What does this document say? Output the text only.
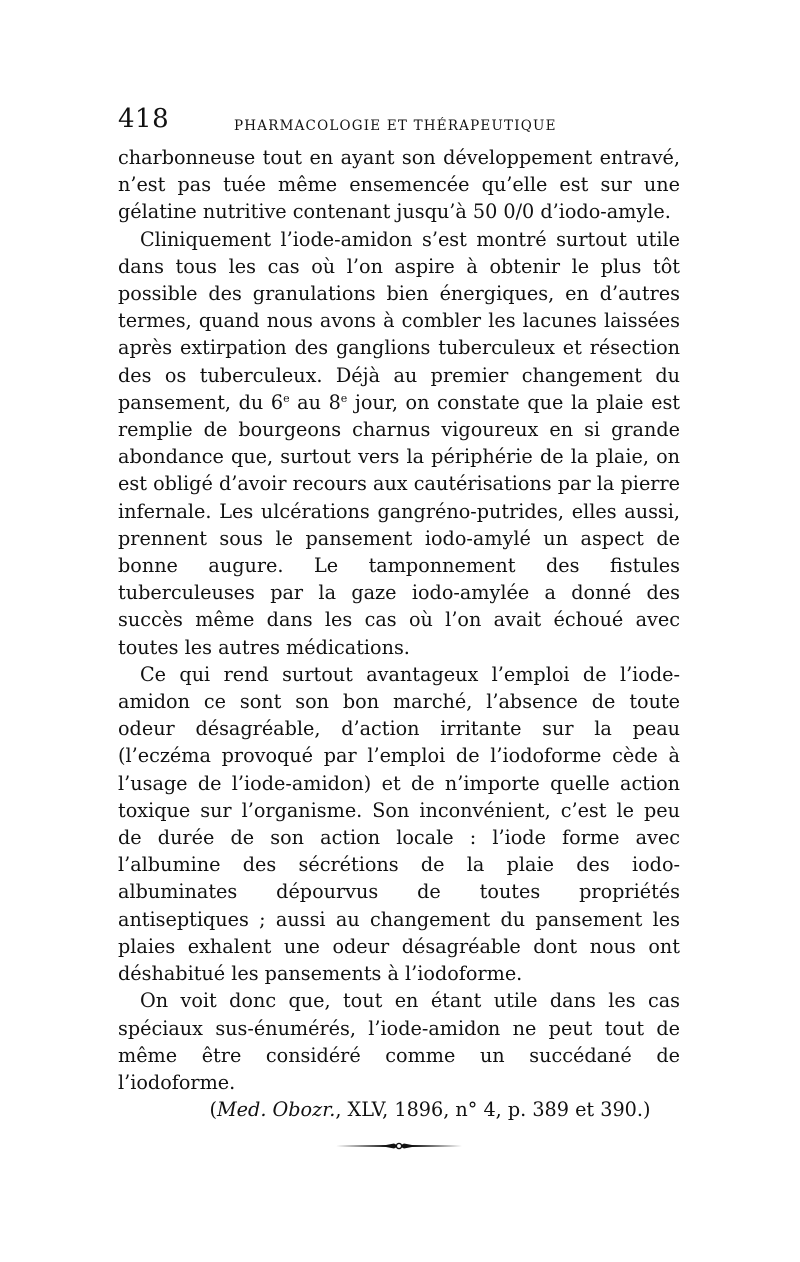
418	PHARMACOLOGIE ET THÉRAPEUTIQUE

charbonneuse tout en ayant son développement entravé, n’est pas tuée même ensemencée qu’elle est sur une gélatine nutritive contenant jusqu’à 50 0/0 d’iodo-amyle.

Cliniquement l’iode-amidon s’est montré surtout utile dans tous les cas où l’on aspire à obtenir le plus tôt possible des granulations bien énergiques, en d’autres termes, quand nous avons à combler les lacunes laissées après extirpation des ganglions tuberculeux et résection des os tuberculeux. Déjà au premier changement du pansement, du 6e au 8e jour, on constate que la plaie est remplie de bourgeons charnus vigoureux en si grande abondance que, surtout vers la périphérie de la plaie, on est obligé d’avoir recours aux cautérisations par la pierre infernale. Les ulcérations gangréno-putrides, elles aussi, prennent sous le pansement iodo-amylé un aspect de bonne augure. Le tamponnement des fistules tuberculeuses par la gaze iodo-amylée a donné des succès même dans les cas où l’on avait échoué avec toutes les autres médications.

Ce qui rend surtout avantageux l’emploi de l’iode-amidon ce sont son bon marché, l’absence de toute odeur désagréable, d’action irritante sur la peau (l’eczéma provoqué par l’emploi de l’iodoforme cède à l’usage de l’iode-amidon) et de n’importe quelle action toxique sur l’organisme. Son inconvénient, c’est le peu de durée de son action locale : l’iode forme avec l’albumine des sécrétions de la plaie des iodo-albuminates dépourvus de toutes propriétés antiseptiques ; aussi au changement du pansement les plaies exhalent une odeur désagréable dont nous ont déshabitué les pansements à l’iodoforme.

On voit donc que, tout en étant utile dans les cas spéciaux sus-énumérés, l’iode-amidon ne peut tout de même être considéré comme un succédané de l’iodoforme.

(Med. Obozr., XLV, 1896, n° 4, p. 389 et 390.)
